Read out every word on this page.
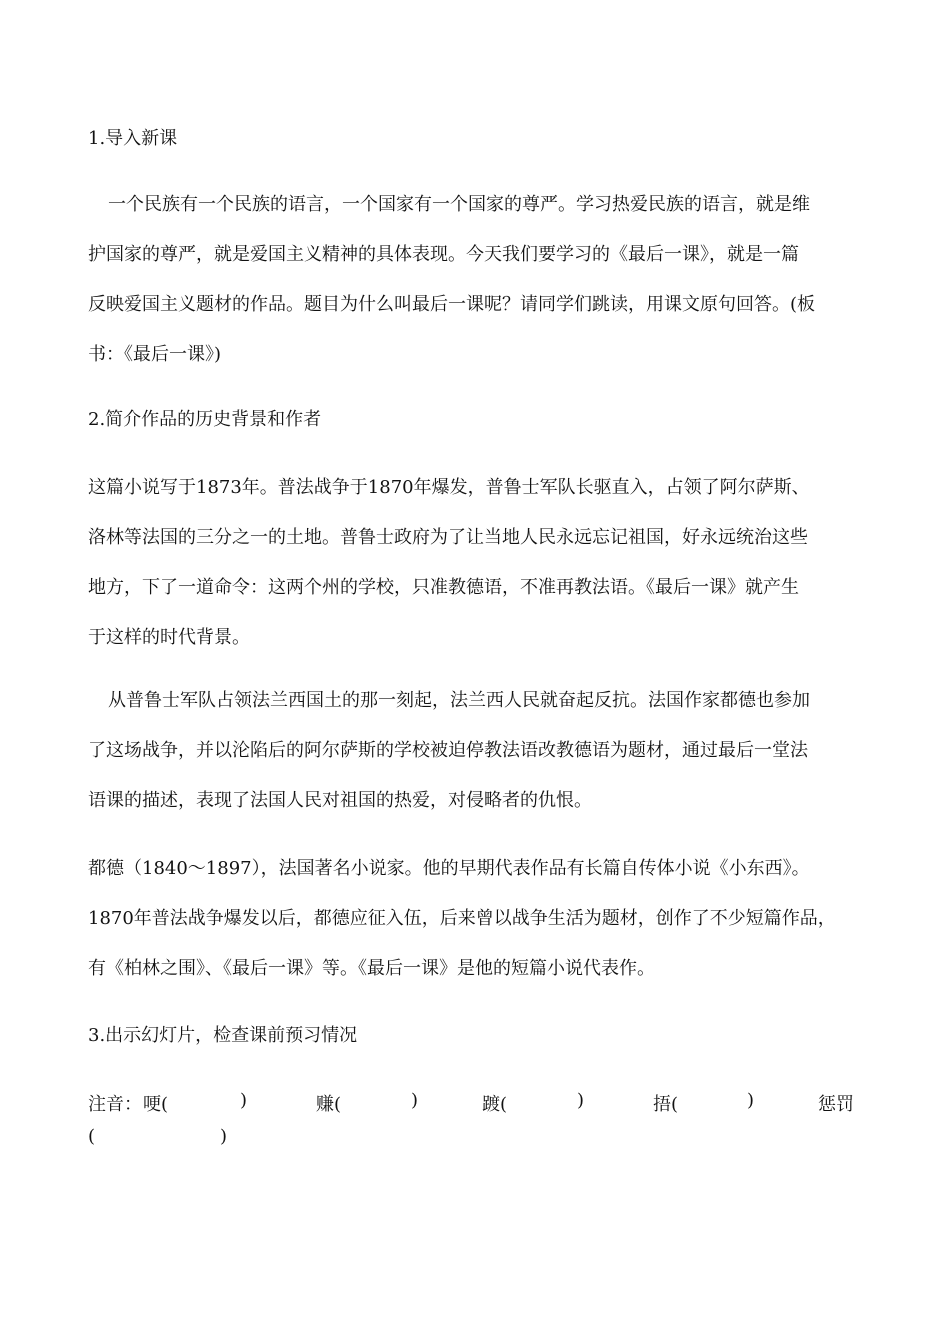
1.导入新课
一个民族有一个民族的语言，一个国家有一个国家的尊严。学习热爱民族的语言，就是维
护国家的尊严，就是爱国主义精神的具体表现。今天我们要学习的《最后一课》，就是一篇
反映爱国主义题材的作品。题目为什么叫最后一课呢？请同学们跳读，用课文原句回答。(板
书：《最后一课》)
2.简介作品的历史背景和作者
这篇小说写于1873年。普法战争于1870年爆发，普鲁士军队长驱直入，占领了阿尔萨斯、
洛林等法国的三分之一的土地。普鲁士政府为了让当地人民永远忘记祖国，好永远统治这些
地方，下了一道命令：这两个州的学校，只准教德语，不准再教法语。《最后一课》就产生
于这样的时代背景。
从普鲁士军队占领法兰西国土的那一刻起，法兰西人民就奋起反抗。法国作家都德也参加
了这场战争，并以沦陷后的阿尔萨斯的学校被迫停教法语改教德语为题材，通过最后一堂法
语课的描述，表现了法国人民对祖国的热爱，对侵略者的仇恨。
都德（1840～1897），法国著名小说家。他的早期代表作品有长篇自传体小说《小东西》。
1870年普法战争爆发以后，都德应征入伍，后来曾以战争生活为题材，创作了不少短篇作品，
有《柏林之围》、《最后一课》等。《最后一课》是他的短篇小说代表作。
3.出示幻灯片，检查课前预习情况
注音： 哽(	)	赚(	)	踱(	)	捂(	)	惩罚
(	)
